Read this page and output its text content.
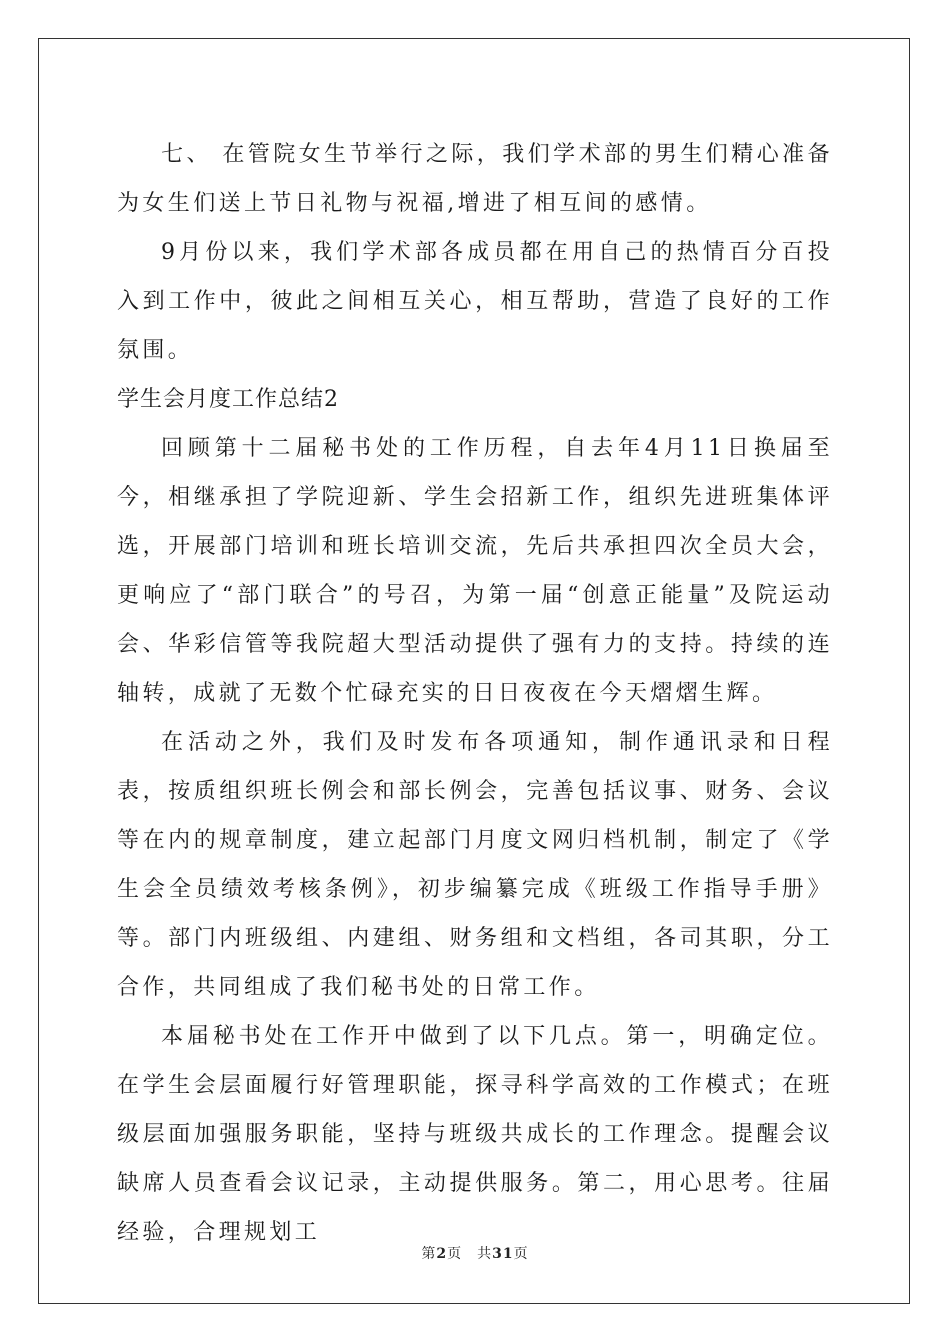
七、 在管院女生节举行之际，我们学术部的男生们精心准备为女生们送上节日礼物与祝福,增进了相互间的感情。

9月份以来，我们学术部各成员都在用自己的热情百分百投入到工作中，彼此之间相互关心，相互帮助，营造了良好的工作氛围。

学生会月度工作总结2

回顾第十二届秘书处的工作历程，自去年4月11日换届至今，相继承担了学院迎新、学生会招新工作，组织先进班集体评选，开展部门培训和班长培训交流，先后共承担四次全员大会，更响应了“部门联合”的号召，为第一届“创意正能量”及院运动会、华彩信管等我院超大型活动提供了强有力的支持。持续的连轴转，成就了无数个忙碌充实的日日夜夜在今天熠熠生辉。

在活动之外，我们及时发布各项通知，制作通讯录和日程表，按质组织班长例会和部长例会，完善包括议事、财务、会议等在内的规章制度，建立起部门月度文网归档机制，制定了《学生会全员绩效考核条例》，初步编纂完成《班级工作指导手册》等。部门内班级组、内建组、财务组和文档组，各司其职，分工合作，共同组成了我们秘书处的日常工作。

本届秘书处在工作开中做到了以下几点。第一，明确定位。在学生会层面履行好管理职能，探寻科学高效的工作模式；在班级层面加强服务职能，坚持与班级共成长的工作理念。提醒会议缺席人员查看会议记录，主动提供服务。第二，用心思考。往届经验，合理规划工

第2页　共31页
